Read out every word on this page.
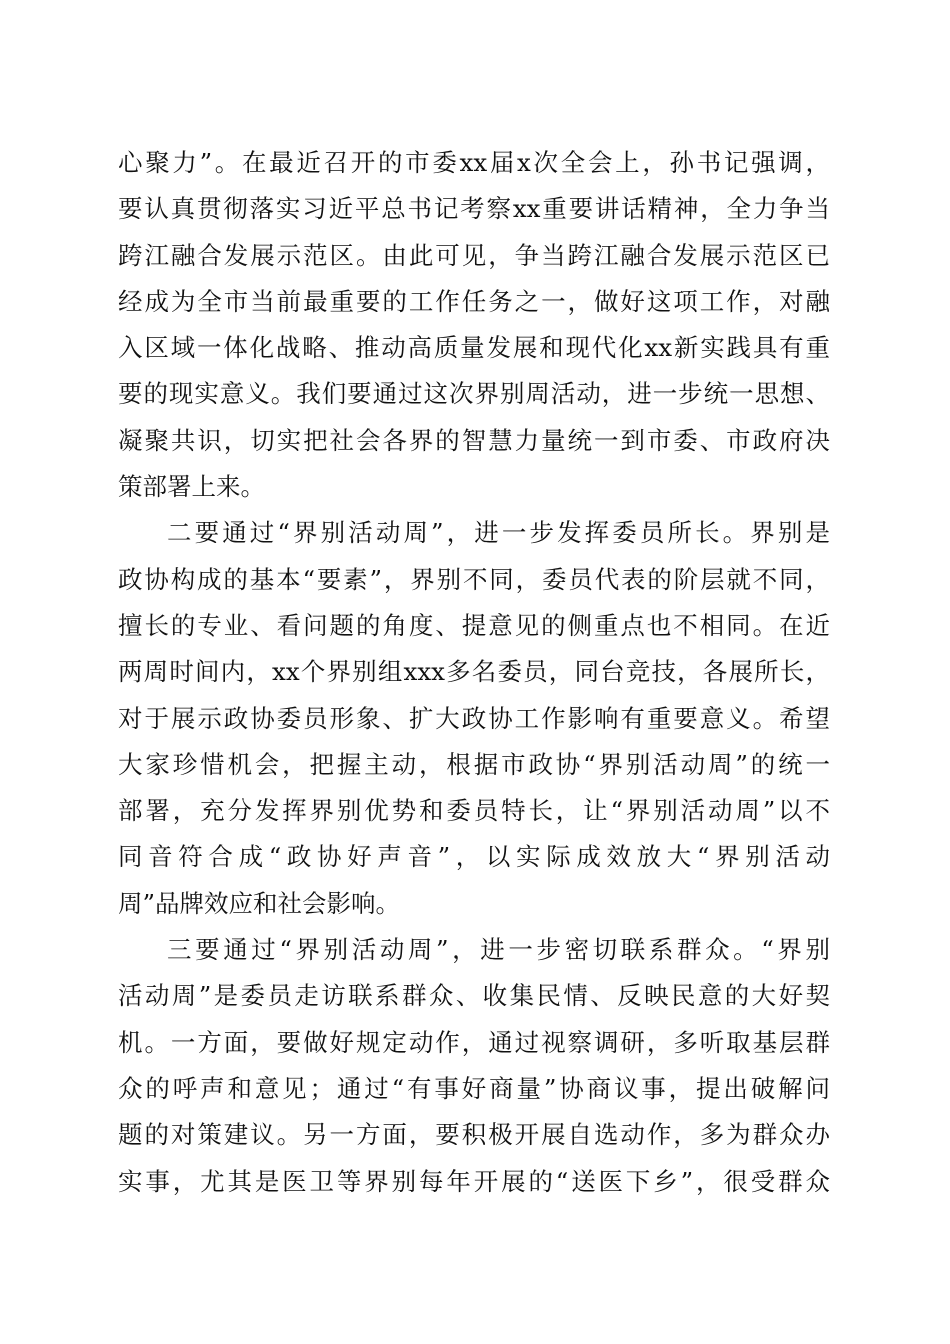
心聚力”。在最近召开的市委xx届x次全会上，孙书记强调，
要认真贯彻落实习近平总书记考察xx重要讲话精神，全力争当
跨江融合发展示范区。由此可见，争当跨江融合发展示范区已
经成为全市当前最重要的工作任务之一，做好这项工作，对融
入区域一体化战略、推动高质量发展和现代化xx新实践具有重
要的现实意义。我们要通过这次界别周活动，进一步统一思想、
凝聚共识，切实把社会各界的智慧力量统一到市委、市政府决
策部署上来。
二要通过“界别活动周”，进一步发挥委员所长。界别是
政协构成的基本“要素”，界别不同，委员代表的阶层就不同，
擅长的专业、看问题的角度、提意见的侧重点也不相同。在近
两周时间内，xx个界别组xxx多名委员，同台竞技，各展所长，
对于展示政协委员形象、扩大政协工作影响有重要意义。希望
大家珍惜机会，把握主动，根据市政协“界别活动周”的统一
部署，充分发挥界别优势和委员特长，让“界别活动周”以不
同音符合成“政协好声音”，以实际成效放大“界别活动
周”品牌效应和社会影响。
三要通过“界别活动周”，进一步密切联系群众。“界别
活动周”是委员走访联系群众、收集民情、反映民意的大好契
机。一方面，要做好规定动作，通过视察调研，多听取基层群
众的呼声和意见；通过“有事好商量”协商议事，提出破解问
题的对策建议。另一方面，要积极开展自选动作，多为群众办
实事，尤其是医卫等界别每年开展的“送医下乡”，很受群众
